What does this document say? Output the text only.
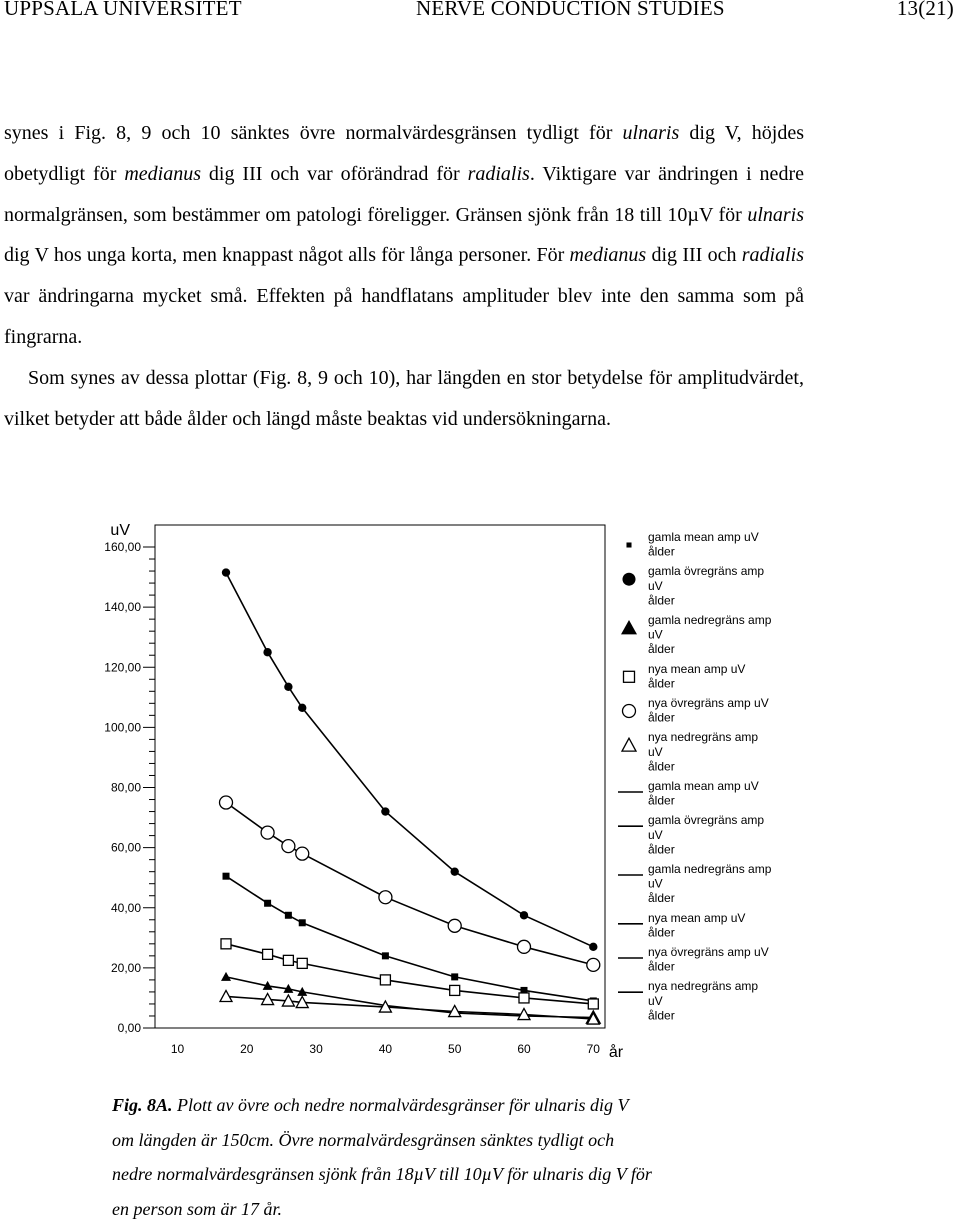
UPPSALA UNIVERSITET	NERVE CONDUCTION STUDIES	13(21)

synes i Fig. 8, 9 och 10 sänktes övre normalvärdesgränsen tydligt för ulnaris dig V, höjdes obetydligt för medianus dig III och var oförändrad för radialis. Viktigare var ändringen i nedre normalgränsen, som bestämmer om patologi föreligger. Gränsen sjönk från 18 till 10µV för ulnaris dig V hos unga korta, men knappast något alls för långa personer. För medianus dig III och radialis var ändringarna mycket små. Effekten på handflatans amplituder blev inte den samma som på fingrarna.

Som synes av dessa plottar (Fig. 8, 9 och 10), har längden en stor betydelse för amplitudvärdet, vilket betyder att både ålder och längd måste beaktas vid undersökningarna.

0,00
20,00
40,00
60,00
80,00
100,00
120,00
140,00
160,00
uV
10	20	30	40	50	60	70 år
gamla mean amp uV
ålder
gamla övregräns amp
uV
ålder
gamla nedregräns amp
uV
ålder
nya mean amp uV
ålder
nya övregräns amp uV
ålder
nya nedregräns amp
uV
ålder
gamla mean amp uV
ålder
gamla övregräns amp
uV
ålder
gamla nedregräns amp
uV
ålder
nya mean amp uV
ålder
nya övregräns amp uV
ålder
nya nedregräns amp
uV
ålder
Fig. 8A. Plott av övre och nedre normalvärdesgränser för ulnaris dig V om längden är 150cm. Övre normalvärdesgränsen sänktes tydligt och nedre normalvärdesgränsen sjönk från 18µV till 10µV för ulnaris dig V för en person som är 17 år.
